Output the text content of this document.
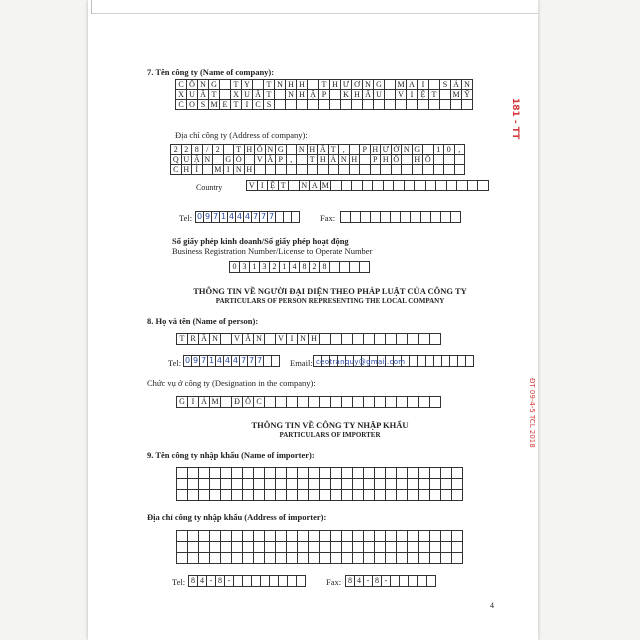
7. Tên công ty (Name of company):
C Ô N G	T Y	T N H H	T H Ư Ơ N G	M A I	S Ả N
X U Ấ T	X U Ấ T	N H Ậ P	K H Ẩ U	V I Ệ T	M Ỹ
C O S M E T I C S
Địa chỉ công ty (Address of company):
2 2 8 / 2	T H Ố N G	N H Ấ T ,	P H Ư Ờ N G	1 0 ,
Q U Ậ N	G Ò	V Ấ P ,	T H À N H	P H Ố	H Ồ
C H Í	M I N H
Country	V I Ệ T	N A M
Tel: 0 9 7 1 4 4 4 7 7 7	Fax:
Số giấy phép kinh doanh/Số giấy phép hoạt động
Business Registration Number/License to Operate Number
0 3 1 3 2 1 4 8 2 8
THÔNG TIN VỀ NGƯỜI ĐẠI DIỆN THEO PHÁP LUẬT CỦA CÔNG TY
PARTICULARS OF PERSON REPRESENTING THE LOCAL COMPANY
8. Họ và tên (Name of person):
T R Ầ N	V Ă N	V I N H
Tel: 0 9 7 1 4 4 4 7 7 7	Email: ceotranquy@gmail.com
Chức vụ ở công ty (Designation in the company):
G I Á M	Đ Ố C
THÔNG TIN VỀ CÔNG TY NHẬP KHẨU
PARTICULARS OF IMPORTER
9. Tên công ty nhập khẩu (Name of importer):
Địa chỉ công ty nhập khẩu (Address of importer):
Tel: 8 4 - 8 -	Fax: 8 4 - 8 -
4
181 - TT
ĐT 09-4-5 TCL 2018
